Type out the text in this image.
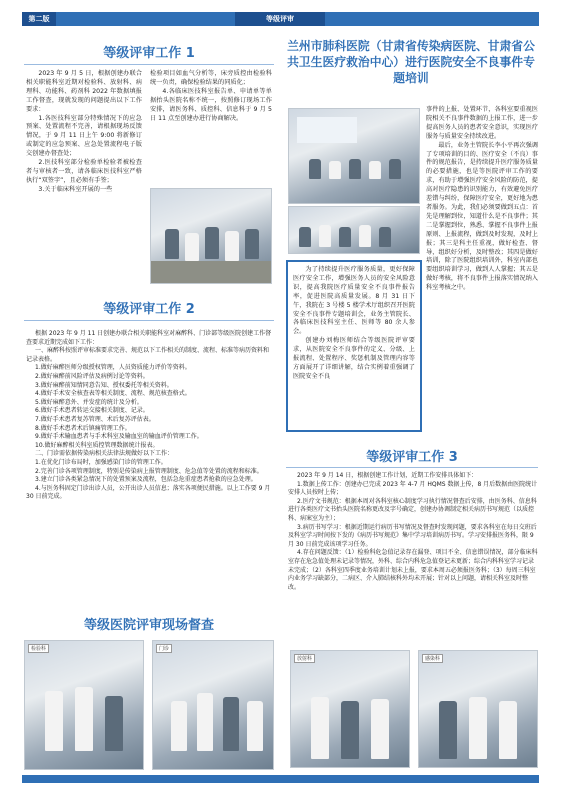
第二版	等级评审
等级评审工作 1

2023 年 9 月 5 日，根据创建办联合相关职能科室近期对检验科、放射科、病理科、功能科、药剂科 2022 年数据填报工作督查，现就发现的问题提出以下工作要求：

1.各医技科室部分特殊情况下的应急预案、处置流程不完善，请根据现场反馈情况，于 9 月 11 日上午 9:00 将新修订或制定的应急预案、应急处置流程电子版交创建办督查处；

2.医技科室部分检验单检验者被检查者与审核者一致，请各临床医技科室严格执行“双签字”，且必须有手签；

3.关于临床科室开展的一些

检验项目如血气分析等，床旁质控由检验科统一负责，确保检验结果的同质化；

4.各临床医技科室报告单、申请单等单据抬头医院名称不统一，按照修订现场工作安排，请医务科、质控科、信息科于 9 月 5 日 11 点至创建办进行协商解决。

等级评审工作 2

根据 2023 年 9 月 11 日创建办联合相关职能科室对麻醉科、门诊部等级医院创建工作督查要求近期完成如下工作：

一、麻醉科按照评审标准要求完善、规范以下工作相关的制度、流程、标准等病历资料和记录表格。

1.做好麻醉医师分级授权管理，人员资质能力评价等资料。

2.做好麻醉前风险评估及病例讨论等资料。

3.做好麻醉前知情同意告知、授权委托等相关资料。

4.做好手术安全核查表等相关制度、流程、规范核查格式。

5.做好麻醉意外、并发症的统计及分析。

6.做好手术患者转运交接相关制度、记录。

7.做好手术患者复苏管理、术后复苏评估表。

8.做好手术患者术后镇痛管理工作。

9.做好手术输血患者与手术科室及输血室的输血评价管理工作。

10.做好麻醉相关科室质控管理数据统计报表。

二、门诊需依据传染病相关法律法规做好以下工作：

1.在优化门诊布局时，加强感染门诊的管理工作。

2.完善门诊各项管理制度，特别是传染病上报管理制度、危急值等处置的流程和标准。

3.建立门诊各类紧急情况下的处置预案及流程，包括急危重症患者抢救的应急处理。

4.与医务科固定门诊出诊人员，公开出诊人员信息；落实各项便民措施。以上工作要 9 月 30 日前完成。

等级医院评审现场督查
检验科	门诊
兰州市肺科医院（甘肃省传染病医院、甘肃省公共卫生医疗救治中心）进行医院安全不良事件专题培训

为了持续提升医疗服务质量，更好保障医疗安全工作，增强医务人员的安全风险意识，提高我院医疗质量安全不良事件报告率，促进医院高质量发展。8 月 31 日下午，我院在 3 号楼 5 楼学术厅组织召开医院安全不良事件专题培训会，业务主管院长、各临床医技科室主任、医师等 80 余人参会。

创建办刘梅医师结合等级医院评审要求，从医院安全不良事件的定义、分级、上报流程、处置程序、奖惩机制及管理内容等方面展开了详细讲解，结合实例着重强调了医院安全不良

事件的上报、处置环节，各科室要重视医院相关不良事件数据的上报工作，进一步提高医务人员的患者安全意识，实现医疗服务与质量安全持续改进。

最后，业务主管院长李小平再次强调了专项培训的目的、医疗安全（不良）事件的规范报告，是持续提升医疗服务质量的必要措施，也是等医院评审工作的要求，有助于增强医疗安全风险的防范，提高对医疗隐患的识别能力，有效避免医疗差错与纠纷，保障医疗安全，更好地为患者服务。为此，我们必须要做到五点：首先是理解到位，知道什么是不良事件；其二是掌握到位，熟悉、掌握不良事件上报原则、上报流程，做到及时发现，及时上报；其三是科主任重视，做好检查、督导，组织好分析，及时整改；其四是做好培训，除了医院组织培训外，科室内部也要组织培训学习，做到人人掌握；其五是做好考核，将不良事件上报落实情况纳入科室考核之中。

等级评审工作 3

2023 年 9 月 14 日，根据创建工作计划，近期工作安排具体如下：

1.数据上传工作：创建办已完成 2023 年 4-7 月 HQMS 数据上传，8 月后数据由医院统计安排人员按时上传；

2.医疗文书规范：根据本周对各科室核心制度学习执行情况督查后安排，由医务科、信息科进行各类医疗文书抬头医院名称更改及字号确定，创建办协调制定相关病历书写规范（以质控科、病案室为主）；

3.病历书写学习：根据近期运行病历书写情况及督查时发现问题，要求各科室在每日交班后及科室学习时间按下发的《病历书写规范》集中学习培训病历书写。学习安排报医务科，限 9 月 30 日前完成该项学习任务。

4.存在问题反馈：（1）检验科危急值记录存在漏登、项目不全、信息错误情况，部分临床科室存在危急值处理未记录等情况，外科、综合内科危急值登记未更新；综合内科科室学习记录未完成；（2）各科室四季度业务培训计划未上报，要求本周五必须报医务科；（3）每周三科室内业务学习缺部分，二病区、介入肺结核科外均未开展；针对以上问题，请相关科室及时整改。

放射科	感染科
